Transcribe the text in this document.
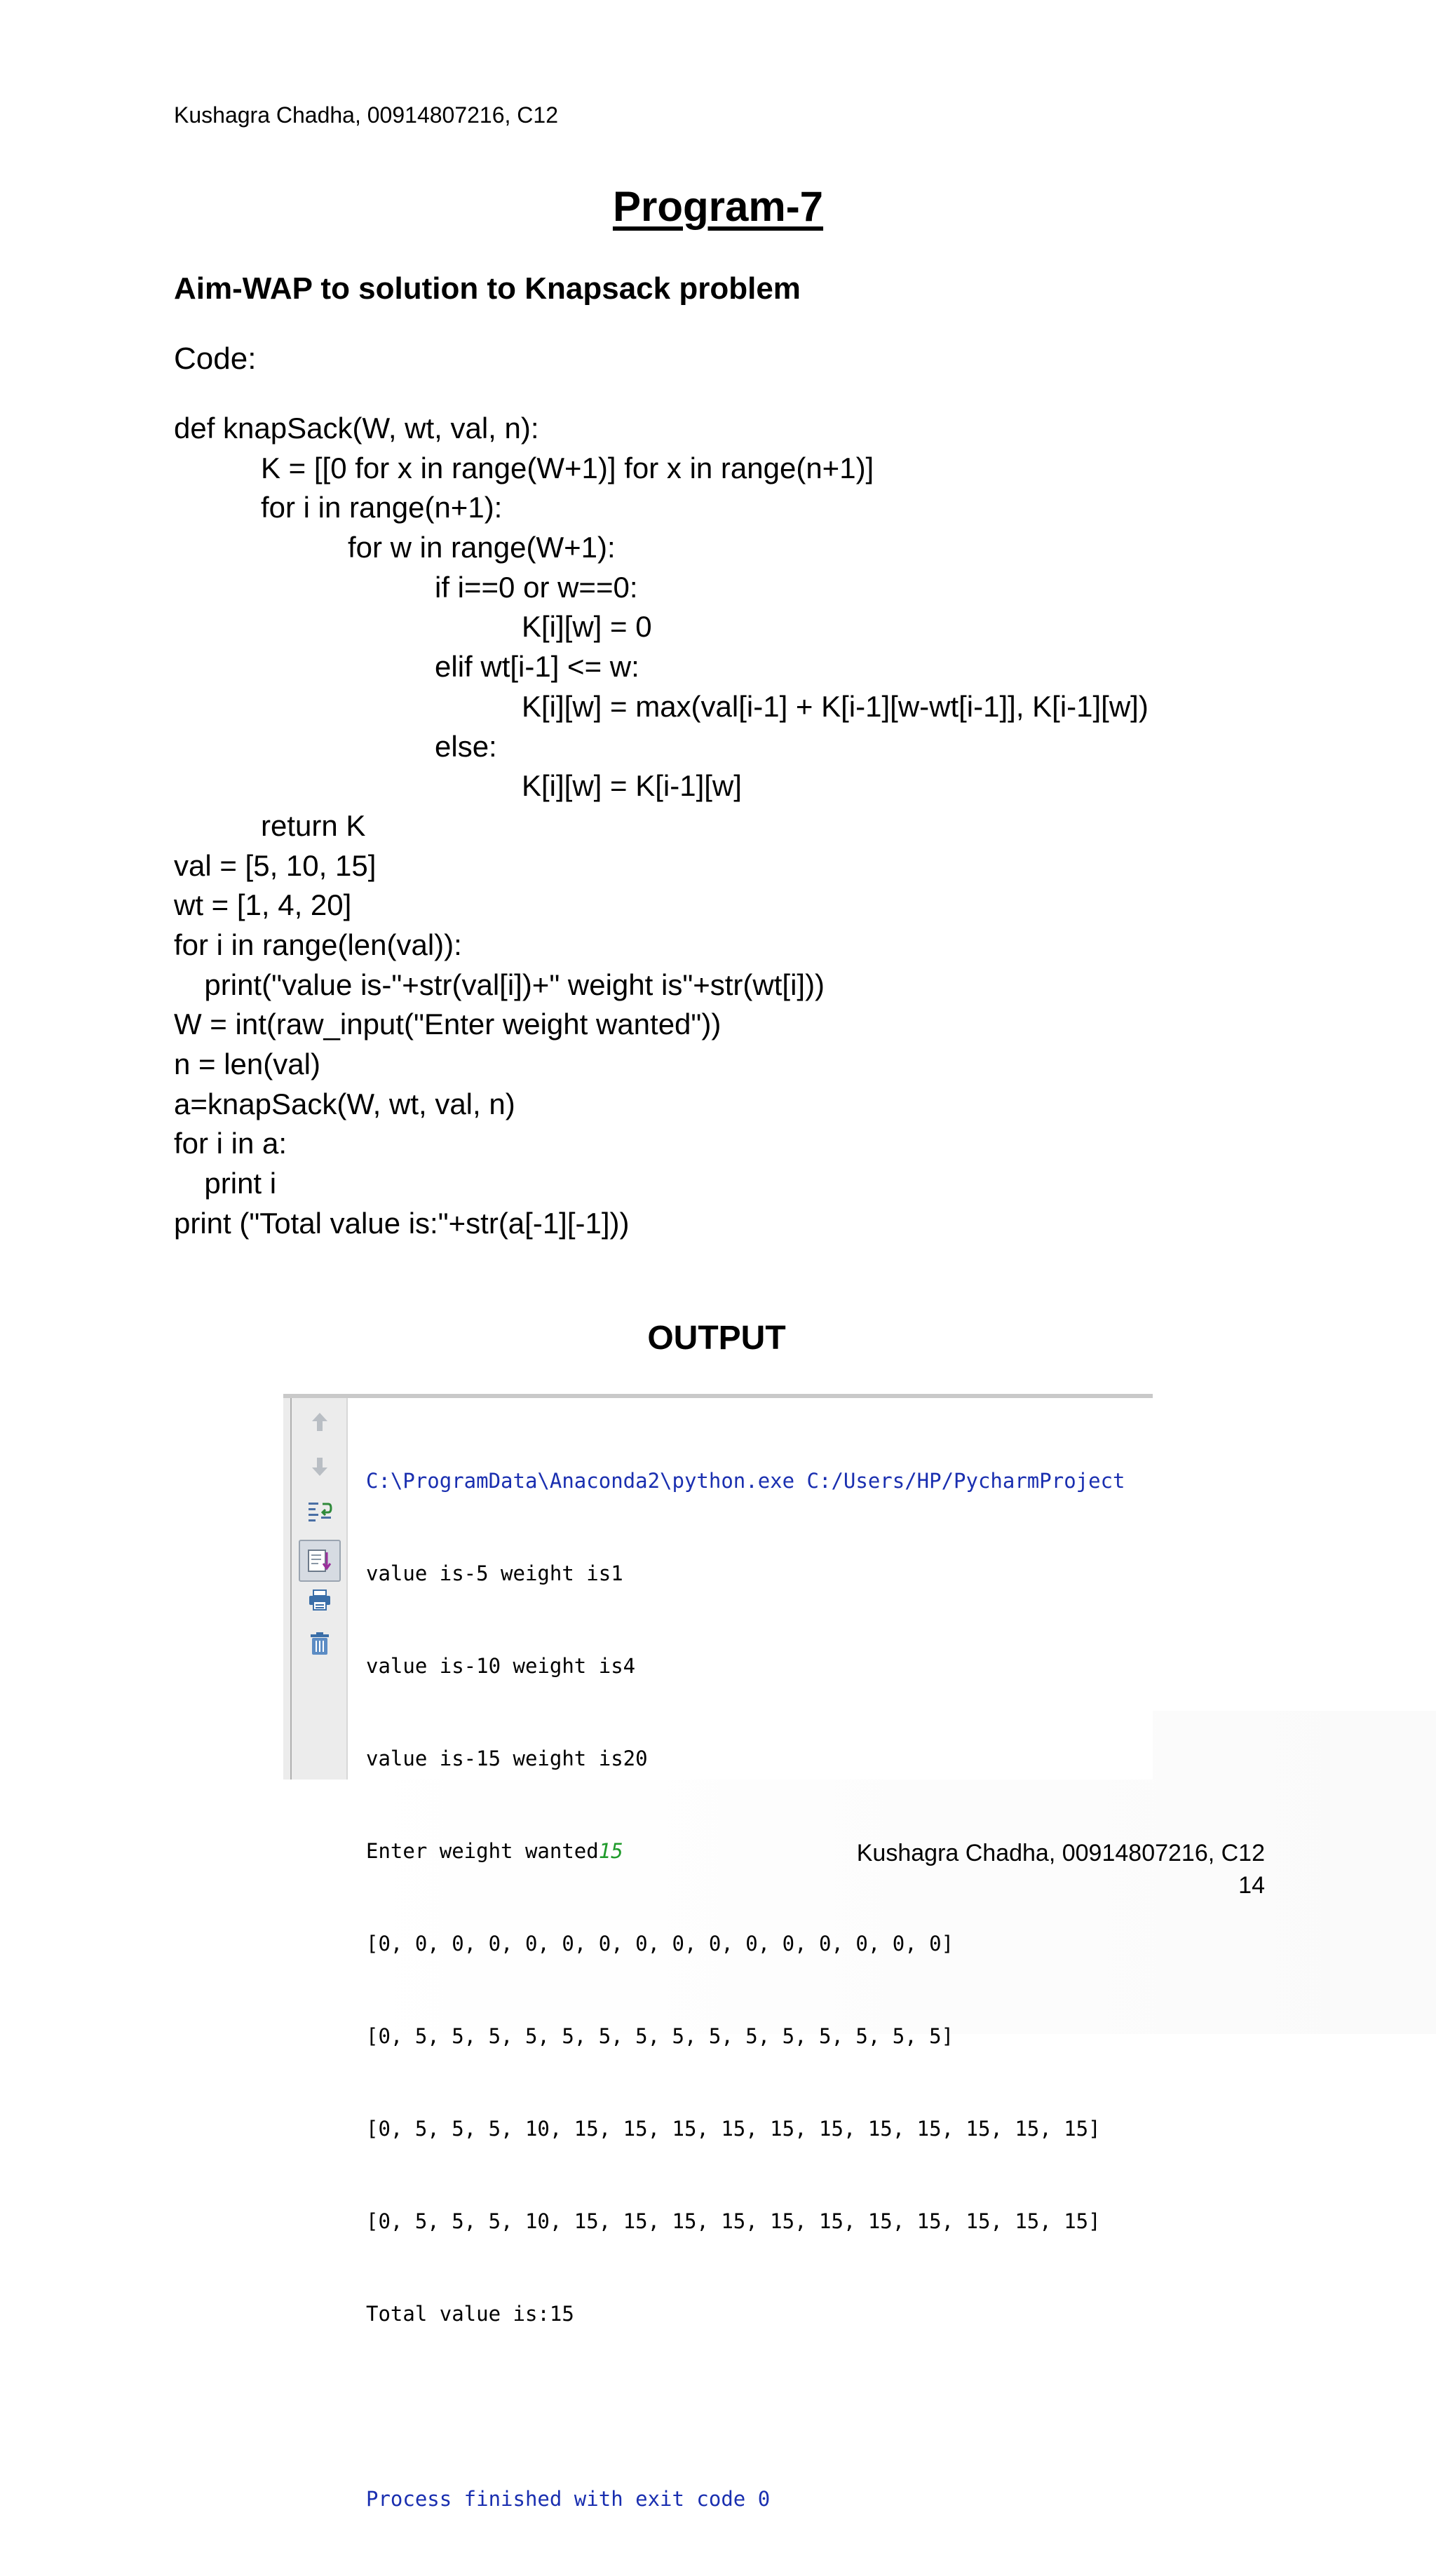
Kushagra Chadha, 00914807216, C12
Program-7
Aim-WAP to solution to Knapsack problem
Code:
def knapSack(W, wt, val, n):
K = [[0 for x in range(W+1)] for x in range(n+1)]
for i in range(n+1):
for w in range(W+1):
if i==0 or w==0:
K[i][w] = 0
elif wt[i-1] <= w:
K[i][w] = max(val[i-1] + K[i-1][w-wt[i-1]], K[i-1][w])
else:
K[i][w] = K[i-1][w]
return K
val = [5, 10, 15]
wt = [1, 4, 20]
for i in range(len(val)):
print("value is-"+str(val[i])+" weight is"+str(wt[i]))
W = int(raw_input("Enter weight wanted"))
n = len(val)
a=knapSack(W, wt, val, n)
for i in a:
print i
print ("Total value is:"+str(a[-1][-1]))
OUTPUT

C:\ProgramData\Anaconda2\python.exe C:/Users/HP/PycharmProject

value is-5 weight is1

value is-10 weight is4

value is-15 weight is20

Enter weight wanted15

[0, 0, 0, 0, 0, 0, 0, 0, 0, 0, 0, 0, 0, 0, 0, 0]

[0, 5, 5, 5, 5, 5, 5, 5, 5, 5, 5, 5, 5, 5, 5, 5]

[0, 5, 5, 5, 10, 15, 15, 15, 15, 15, 15, 15, 15, 15, 15, 15]

[0, 5, 5, 5, 10, 15, 15, 15, 15, 15, 15, 15, 15, 15, 15, 15]

Total value is:15

Process finished with exit code 0

Kushagra Chadha, 00914807216, C12
14
